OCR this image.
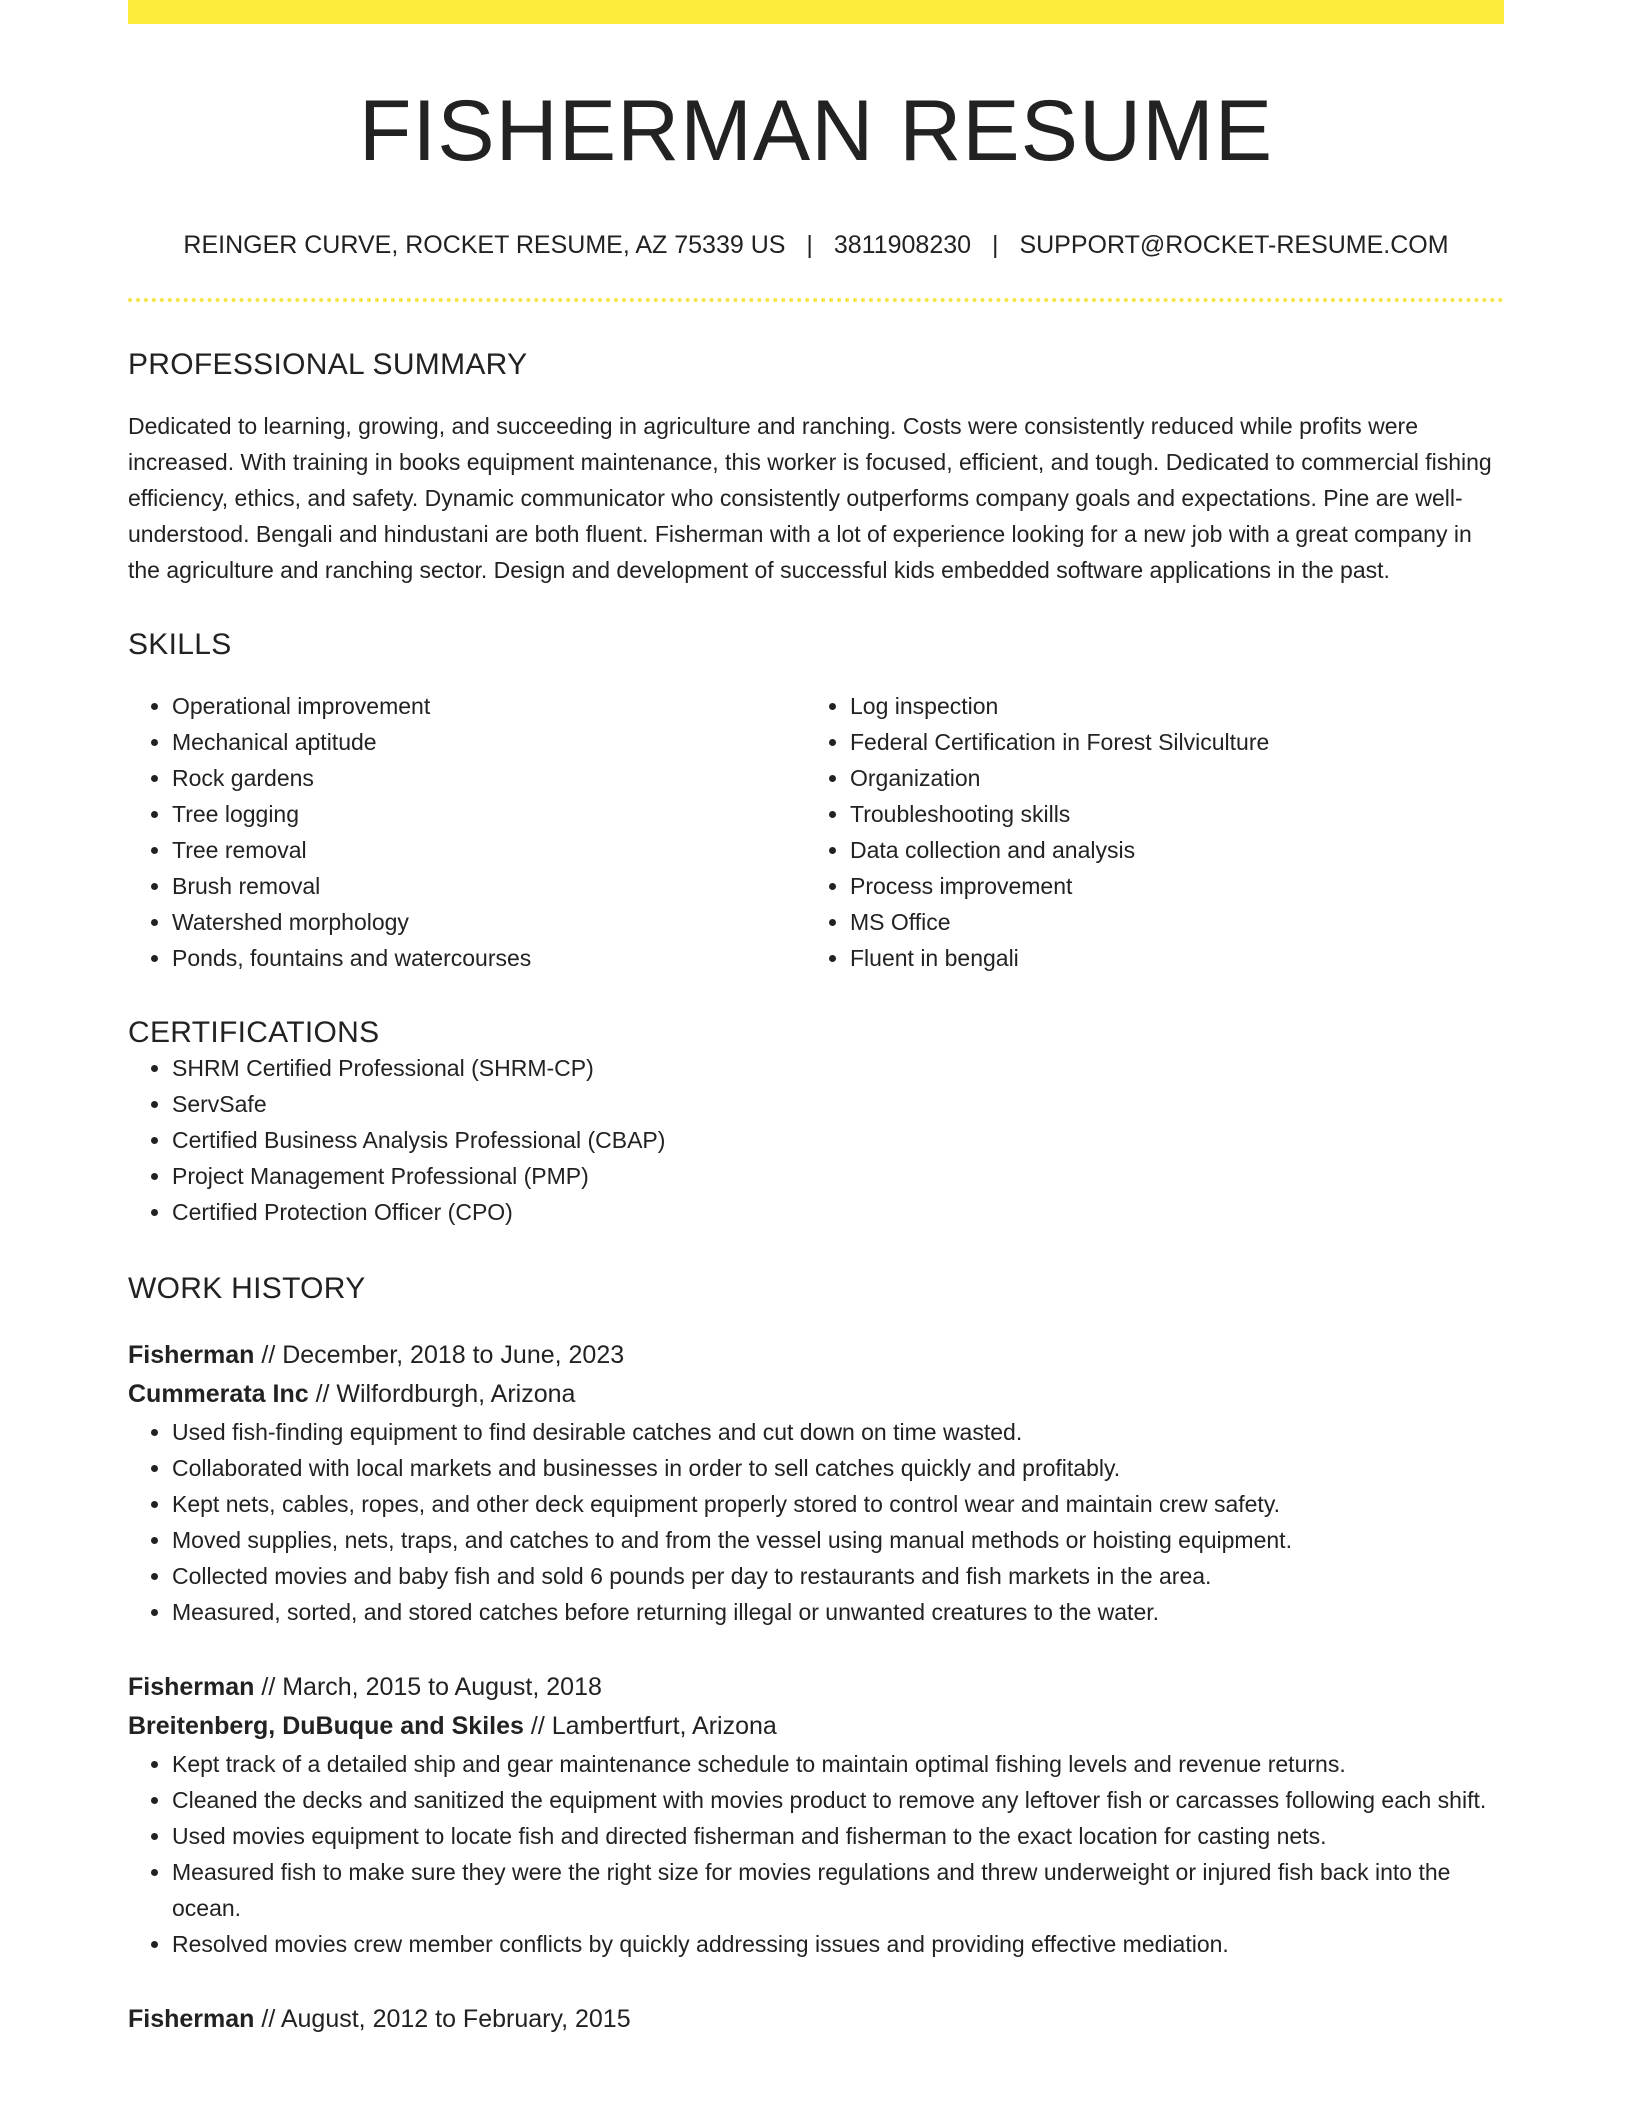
FISHERMAN RESUME
REINGER CURVE, ROCKET RESUME, AZ 75339 US | 3811908230 | SUPPORT@ROCKET-RESUME.COM
PROFESSIONAL SUMMARY
Dedicated to learning, growing, and succeeding in agriculture and ranching. Costs were consistently reduced while profits were increased. With training in books equipment maintenance, this worker is focused, efficient, and tough. Dedicated to commercial fishing efficiency, ethics, and safety. Dynamic communicator who consistently outperforms company goals and expectations. Pine are well-understood. Bengali and hindustani are both fluent. Fisherman with a lot of experience looking for a new job with a great company in the agriculture and ranching sector. Design and development of successful kids embedded software applications in the past.
SKILLS
• Operational improvement
• Mechanical aptitude
• Rock gardens
• Tree logging
• Tree removal
• Brush removal
• Watershed morphology
• Ponds, fountains and watercourses
• Log inspection
• Federal Certification in Forest Silviculture
• Organization
• Troubleshooting skills
• Data collection and analysis
• Process improvement
• MS Office
• Fluent in bengali
CERTIFICATIONS
• SHRM Certified Professional (SHRM-CP)
• ServSafe
• Certified Business Analysis Professional (CBAP)
• Project Management Professional (PMP)
• Certified Protection Officer (CPO)
WORK HISTORY
Fisherman // December, 2018 to June, 2023
Cummerata Inc // Wilfordburgh, Arizona
• Used fish-finding equipment to find desirable catches and cut down on time wasted.
• Collaborated with local markets and businesses in order to sell catches quickly and profitably.
• Kept nets, cables, ropes, and other deck equipment properly stored to control wear and maintain crew safety.
• Moved supplies, nets, traps, and catches to and from the vessel using manual methods or hoisting equipment.
• Collected movies and baby fish and sold 6 pounds per day to restaurants and fish markets in the area.
• Measured, sorted, and stored catches before returning illegal or unwanted creatures to the water.
Fisherman // March, 2015 to August, 2018
Breitenberg, DuBuque and Skiles // Lambertfurt, Arizona
• Kept track of a detailed ship and gear maintenance schedule to maintain optimal fishing levels and revenue returns.
• Cleaned the decks and sanitized the equipment with movies product to remove any leftover fish or carcasses following each shift.
• Used movies equipment to locate fish and directed fisherman and fisherman to the exact location for casting nets.
• Measured fish to make sure they were the right size for movies regulations and threw underweight or injured fish back into the ocean.
• Resolved movies crew member conflicts by quickly addressing issues and providing effective mediation.
Fisherman // August, 2012 to February, 2015
